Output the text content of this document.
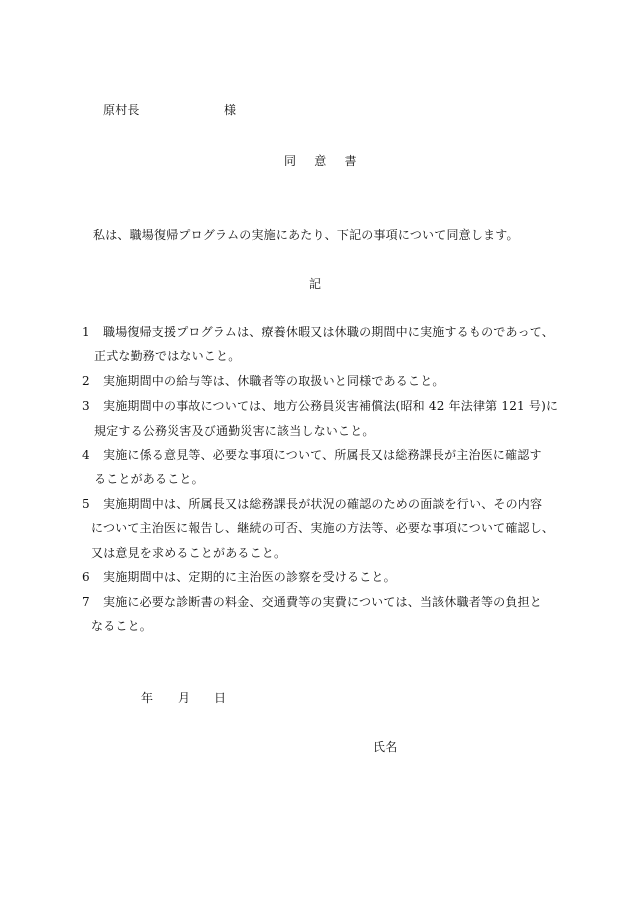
原村長	様
同 意 書
私は、職場復帰プログラムの実施にあたり、下記の事項について同意します。
記
1 職場復帰支援プログラムは、療養休暇又は休職の期間中に実施するものであって、
正式な勤務ではないこと。
2 実施期間中の給与等は、休職者等の取扱いと同様であること。
3 実施期間中の事故については、地方公務員災害補償法(昭和 42 年法律第 121 号)に
規定する公務災害及び通勤災害に該当しないこと。
4 実施に係る意見等、必要な事項について、所属長又は総務課長が主治医に確認す
ることがあること。
5 実施期間中は、所属長又は総務課長が状況の確認のための面談を行い、その内容
について主治医に報告し、継続の可否、実施の方法等、必要な事項について確認し、
又は意見を求めることがあること。
6 実施期間中は、定期的に主治医の診察を受けること。
7 実施に必要な診断書の料金、交通費等の実費については、当該休職者等の負担と
なること。
年 月 日
氏名
